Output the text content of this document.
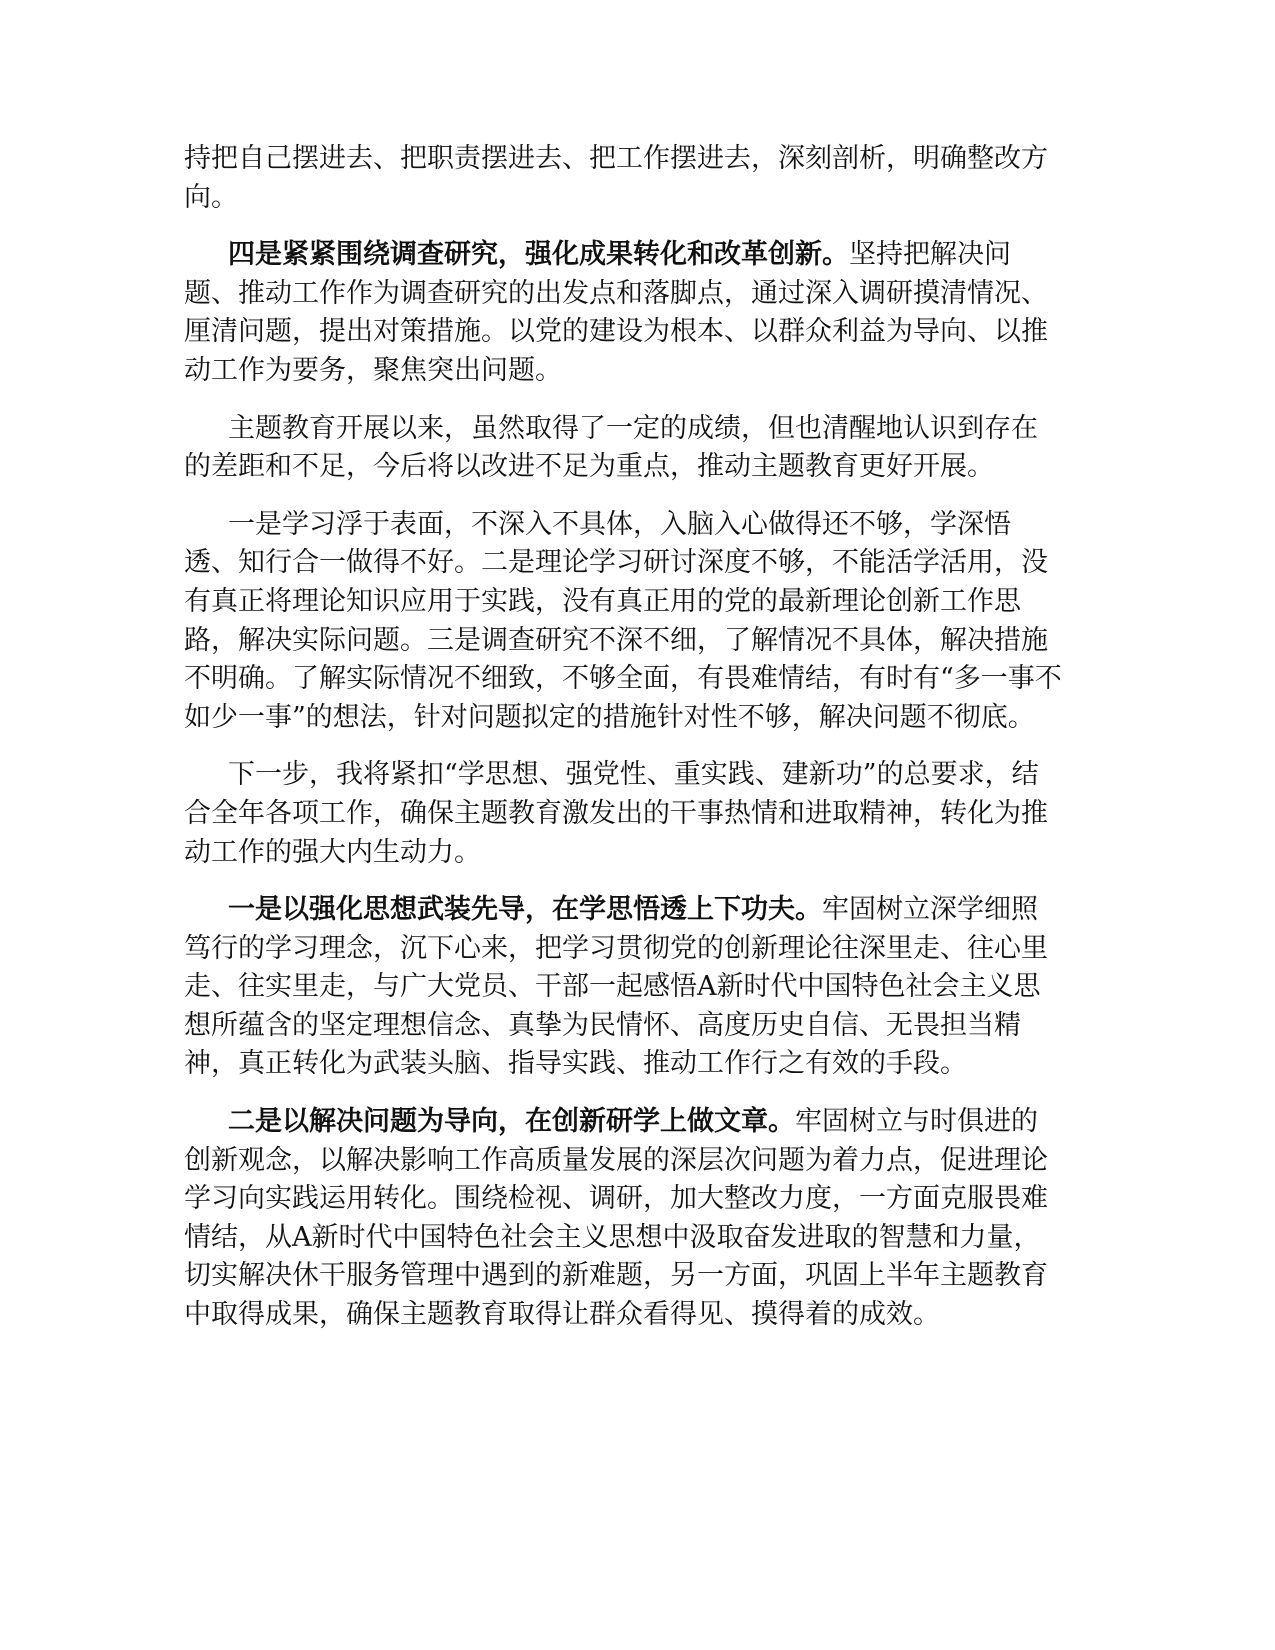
持把自己摆进去、把职责摆进去、把工作摆进去，深刻剖析，明确整改方向。

四是紧紧围绕调查研究，强化成果转化和改革创新。坚持把解决问题、推动工作作为调查研究的出发点和落脚点，通过深入调研摸清情况、厘清问题，提出对策措施。以党的建设为根本、以群众利益为导向、以推动工作为要务，聚焦突出问题。

主题教育开展以来，虽然取得了一定的成绩，但也清醒地认识到存在的差距和不足，今后将以改进不足为重点，推动主题教育更好开展。

一是学习浮于表面，不深入不具体，入脑入心做得还不够，学深悟透、知行合一做得不好。二是理论学习研讨深度不够，不能活学活用，没有真正将理论知识应用于实践，没有真正用的党的最新理论创新工作思路，解决实际问题。三是调查研究不深不细，了解情况不具体，解决措施不明确。了解实际情况不细致，不够全面，有畏难情结，有时有“多一事不如少一事”的想法，针对问题拟定的措施针对性不够，解决问题不彻底。

下一步，我将紧扣“学思想、强党性、重实践、建新功”的总要求，结合全年各项工作，确保主题教育激发出的干事热情和进取精神，转化为推动工作的强大内生动力。

一是以强化思想武装先导，在学思悟透上下功夫。牢固树立深学细照笃行的学习理念，沉下心来，把学习贯彻党的创新理论往深里走、往心里走、往实里走，与广大党员、干部一起感悟A新时代中国特色社会主义思想所蕴含的坚定理想信念、真挚为民情怀、高度历史自信、无畏担当精神，真正转化为武装头脑、指导实践、推动工作行之有效的手段。

二是以解决问题为导向，在创新研学上做文章。牢固树立与时俱进的创新观念，以解决影响工作高质量发展的深层次问题为着力点，促进理论学习向实践运用转化。围绕检视、调研，加大整改力度，一方面克服畏难情结，从A新时代中国特色社会主义思想中汲取奋发进取的智慧和力量，切实解决休干服务管理中遇到的新难题，另一方面，巩固上半年主题教育中取得成果，确保主题教育取得让群众看得见、摸得着的成效。
